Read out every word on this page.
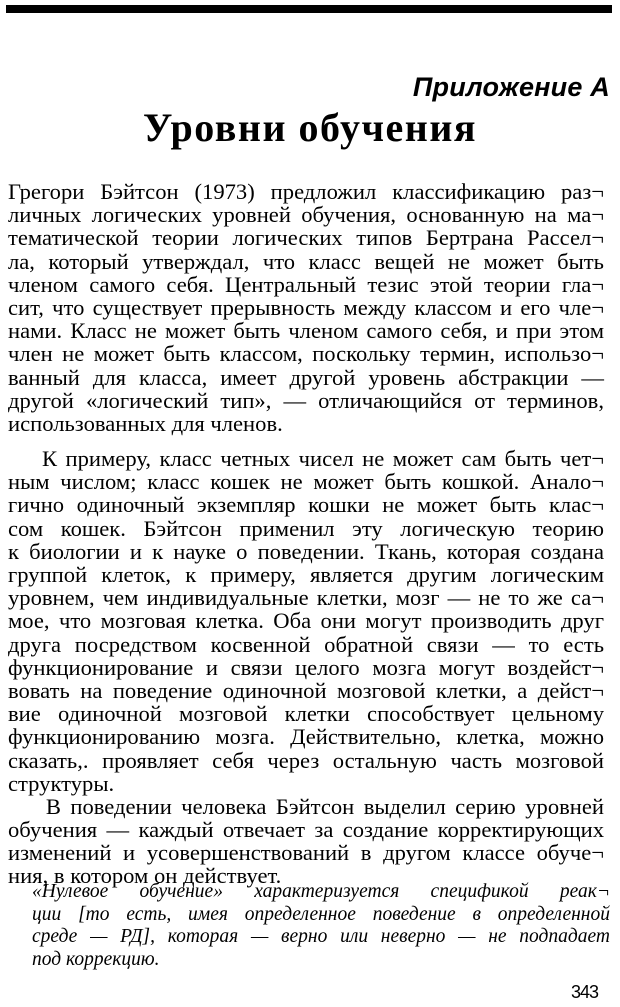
Приложение А
Уровни обучения
Грегори Бэйтсон (1973) предложил классификацию раз¬
личных логических уровней обучения, основанную на ма¬
тематической теории логических типов Бертрана Рассел¬
ла, который утверждал, что класс вещей не может быть
членом самого себя. Центральный тезис этой теории гла¬
сит, что существует прерывность между классом и его чле¬
нами. Класс не может быть членом самого себя, и при этом
член не может быть классом, поскольку термин, использо¬
ванный для класса, имеет другой уровень абстракции —
другой «логический тип», — отличающийся от терминов,
использованных для членов.
К примеру, класс четных чисел не может сам быть чет¬
ным числом; класс кошек не может быть кошкой. Анало¬
гично одиночный экземпляр кошки не может быть клас¬
сом кошек. Бэйтсон применил эту логическую теорию
к биологии и к науке о поведении. Ткань, которая создана
группой клеток, к примеру, является другим логическим
уровнем, чем индивидуальные клетки, мозг — не то же са¬
мое, что мозговая клетка. Оба они могут производить друг
друга посредством косвенной обратной связи — то есть
функционирование и связи целого мозга могут воздейст¬
вовать на поведение одиночной мозговой клетки, а дейст¬
вие одиночной мозговой клетки способствует цельному
функционированию мозга. Действительно, клетка, можно
сказать,. проявляет себя через остальную часть мозговой
структуры.
В поведении человека Бэйтсон выделил серию уровней
обучения — каждый отвечает за создание корректирующих
изменений и усовершенствований в другом классе обуче¬
ния, в котором он действует.
«Нулевое обучение» характеризуется спецификой реак¬
ции [то есть, имея определенное поведение в определенной
среде — РД], которая — верно или неверно — не подпадает
под коррекцию.
343
